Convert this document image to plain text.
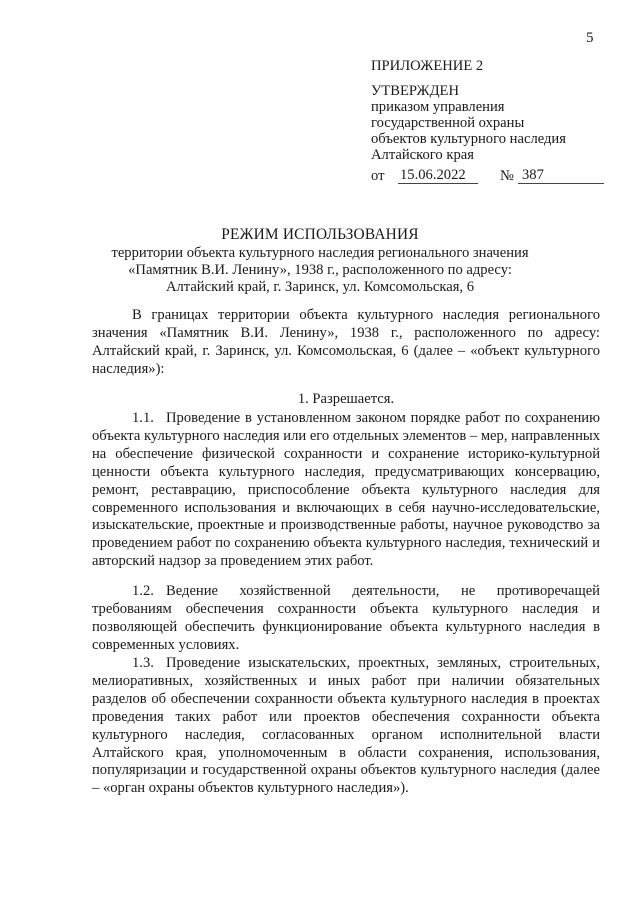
5
ПРИЛОЖЕНИЕ 2
УТВЕРЖДЕН
приказом управления
государственной охраны
объектов культурного наследия
Алтайского края
от	15.06.2022	№ 387
РЕЖИМ ИСПОЛЬЗОВАНИЯ
территории объекта культурного наследия регионального значения
«Памятник В.И. Ленину», 1938 г., расположенного по адресу:
Алтайский край, г. Заринск, ул. Комсомольская, 6
В границах территории объекта культурного наследия регионального значения «Памятник В.И. Ленину», 1938 г., расположенного по адресу: Алтайский край, г. Заринск, ул. Комсомольская, 6 (далее – «объект культурного наследия»):
1. Разрешается.
1.1. Проведение в установленном законом порядке работ по сохранению объекта культурного наследия или его отдельных элементов – мер, направленных на обеспечение физической сохранности и сохранение историко-культурной ценности объекта культурного наследия, предусматривающих консервацию, ремонт, реставрацию, приспособление объекта культурного наследия для современного использования и включающих в себя научно-исследовательские, изыскательские, проектные и производственные работы, научное руководство за проведением работ по сохранению объекта культурного наследия, технический и авторский надзор за проведением этих работ.
1.2. Ведение хозяйственной деятельности, не противоречащей требованиям обеспечения сохранности объекта культурного наследия и позволяющей обеспечить функционирование объекта культурного наследия в современных условиях.
1.3. Проведение изыскательских, проектных, земляных, строительных, мелиоративных, хозяйственных и иных работ при наличии обязательных разделов об обеспечении сохранности объекта культурного наследия в проектах проведения таких работ или проектов обеспечения сохранности объекта культурного наследия, согласованных органом исполнительной власти Алтайского края, уполномоченным в области сохранения, использования, популяризации и государственной охраны объектов культурного наследия (далее – «орган охраны объектов культурного наследия»).
